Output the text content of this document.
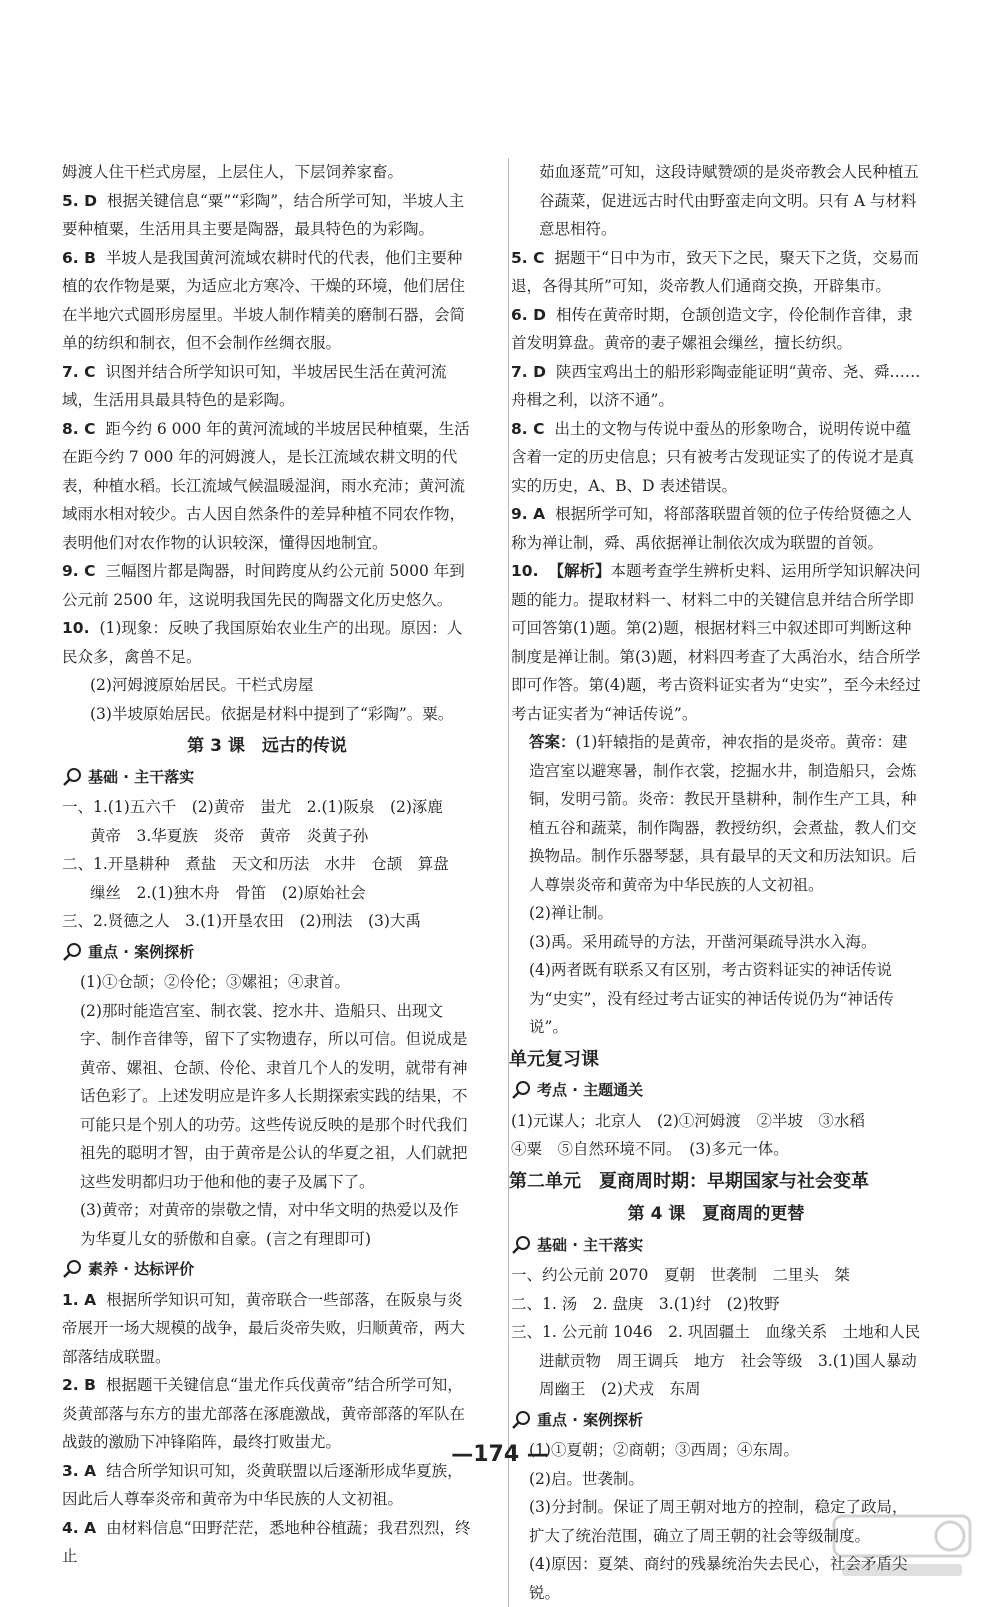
姆渡人住干栏式房屋，上层住人，下层饲养家畜。

5. D 根据关键信息“粟”“彩陶”，结合所学可知，半坡人主要种植粟，生活用具主要是陶器，最具特色的为彩陶。

6. B 半坡人是我国黄河流域农耕时代的代表，他们主要种植的农作物是粟，为适应北方寒冷、干燥的环境，他们居住在半地穴式圆形房屋里。半坡人制作精美的磨制石器，会简单的纺织和制衣，但不会制作丝绸衣服。

7. C 识图并结合所学知识可知，半坡居民生活在黄河流域，生活用具最具特色的是彩陶。

8. C 距今约 6 000 年的黄河流域的半坡居民种植粟，生活在距今约 7 000 年的河姆渡人，是长江流域农耕文明的代表，种植水稻。长江流域气候温暖湿润，雨水充沛；黄河流域雨水相对较少。古人因自然条件的差异种植不同农作物，表明他们对农作物的认识较深，懂得因地制宜。

9. C 三幅图片都是陶器，时间跨度从约公元前 5000 年到公元前 2500 年，这说明我国先民的陶器文化历史悠久。

10. (1)现象：反映了我国原始农业生产的出现。原因：人民众多，禽兽不足。

(2)河姆渡原始居民。干栏式房屋

(3)半坡原始居民。依据是材料中提到了“彩陶”。粟。

第 3 课　远古的传说

基础 · 主干落实

一、1.(1)五六千　(2)黄帝　蚩尤　2.(1)阪泉　(2)涿鹿

黄帝　3.华夏族　炎帝　黄帝　炎黄子孙

二、1.开垦耕种　煮盐　天文和历法　水井　仓颉　算盘

缫丝　2.(1)独木舟　骨笛　(2)原始社会

三、2.贤德之人　3.(1)开垦农田　(2)刑法　(3)大禹

重点 · 案例探析

(1)①仓颉；②伶伦；③嫘祖；④隶首。

(2)那时能造宫室、制衣裳、挖水井、造船只、出现文字、制作音律等，留下了实物遗存，所以可信。但说成是黄帝、嫘祖、仓颉、伶伦、隶首几个人的发明，就带有神话色彩了。上述发明应是许多人长期探索实践的结果，不可能只是个别人的功劳。这些传说反映的是那个时代我们祖先的聪明才智，由于黄帝是公认的华夏之祖，人们就把这些发明都归功于他和他的妻子及属下了。

(3)黄帝；对黄帝的崇敬之情，对中华文明的热爱以及作为华夏儿女的骄傲和自豪。(言之有理即可)

素养 · 达标评价

1. A 根据所学知识可知，黄帝联合一些部落，在阪泉与炎帝展开一场大规模的战争，最后炎帝失败，归顺黄帝，两大部落结成联盟。

2. B 根据题干关键信息“蚩尤作兵伐黄帝”结合所学可知，炎黄部落与东方的蚩尤部落在涿鹿激战，黄帝部落的军队在战鼓的激励下冲锋陷阵，最终打败蚩尤。

3. A 结合所学知识可知，炎黄联盟以后逐渐形成华夏族，因此后人尊奉炎帝和黄帝为中华民族的人文初祖。

4. A 由材料信息“田野茫茫，悉地种谷植蔬；我君烈烈，终止

茹血逐荒”可知，这段诗赋赞颂的是炎帝教会人民种植五谷蔬菜，促进远古时代由野蛮走向文明。只有 A 与材料意思相符。

5. C 据题干“日中为市，致天下之民，聚天下之货，交易而退，各得其所”可知，炎帝教人们通商交换，开辟集市。

6. D 相传在黄帝时期，仓颉创造文字，伶伦制作音律，隶首发明算盘。黄帝的妻子嫘祖会缫丝，擅长纺织。

7. D 陕西宝鸡出土的船形彩陶壶能证明“黄帝、尧、舜……舟楫之利，以济不通”。

8. C 出土的文物与传说中蚕丛的形象吻合，说明传说中蕴含着一定的历史信息；只有被考古发现证实了的传说才是真实的历史，A、B、D 表述错误。

9. A 根据所学可知，将部落联盟首领的位子传给贤德之人称为禅让制，舜、禹依据禅让制依次成为联盟的首领。

10. 【解析】本题考查学生辨析史料、运用所学知识解决问题的能力。提取材料一、材料二中的关键信息并结合所学即可回答第(1)题。第(2)题，根据材料三中叙述即可判断这种制度是禅让制。第(3)题，材料四考查了大禹治水，结合所学即可作答。第(4)题，考古资料证实者为“史实”，至今未经过考古证实者为“神话传说”。

答案：(1)轩辕指的是黄帝，神农指的是炎帝。黄帝：建造宫室以避寒暑，制作衣裳，挖掘水井，制造船只，会炼铜，发明弓箭。炎帝：教民开垦耕种，制作生产工具，种植五谷和蔬菜，制作陶器，教授纺织，会煮盐，教人们交换物品。制作乐器琴瑟，具有最早的天文和历法知识。后人尊崇炎帝和黄帝为中华民族的人文初祖。

(2)禅让制。

(3)禹。采用疏导的方法，开凿河渠疏导洪水入海。

(4)两者既有联系又有区别，考古资料证实的神话传说为“史实”，没有经过考古证实的神话传说仍为“神话传说”。

单元复习课

考点 · 主题通关

(1)元谋人；北京人　(2)①河姆渡　②半坡　③水稻

④粟　⑤自然环境不同。　(3)多元一体。

第二单元　夏商周时期：早期国家与社会变革

第 4 课　夏商周的更替

基础 · 主干落实

一、约公元前 2070　夏朝　世袭制　二里头　桀

二、1. 汤　2. 盘庚　3.(1)纣　(2)牧野

三、1. 公元前 1046　2. 巩固疆土　血缘关系　土地和人民

进献贡物　周王调兵　地方　社会等级　3.(1)国人暴动

周幽王　(2)犬戎　东周

重点 · 案例探析

(1)①夏朝；②商朝；③西周；④东周。

(2)启。世袭制。

(3)分封制。保证了周王朝对地方的控制，稳定了政局，扩大了统治范围，确立了周王朝的社会等级制度。

(4)原因：夏桀、商纣的残暴统治失去民心，社会矛盾尖锐。

—174 —
